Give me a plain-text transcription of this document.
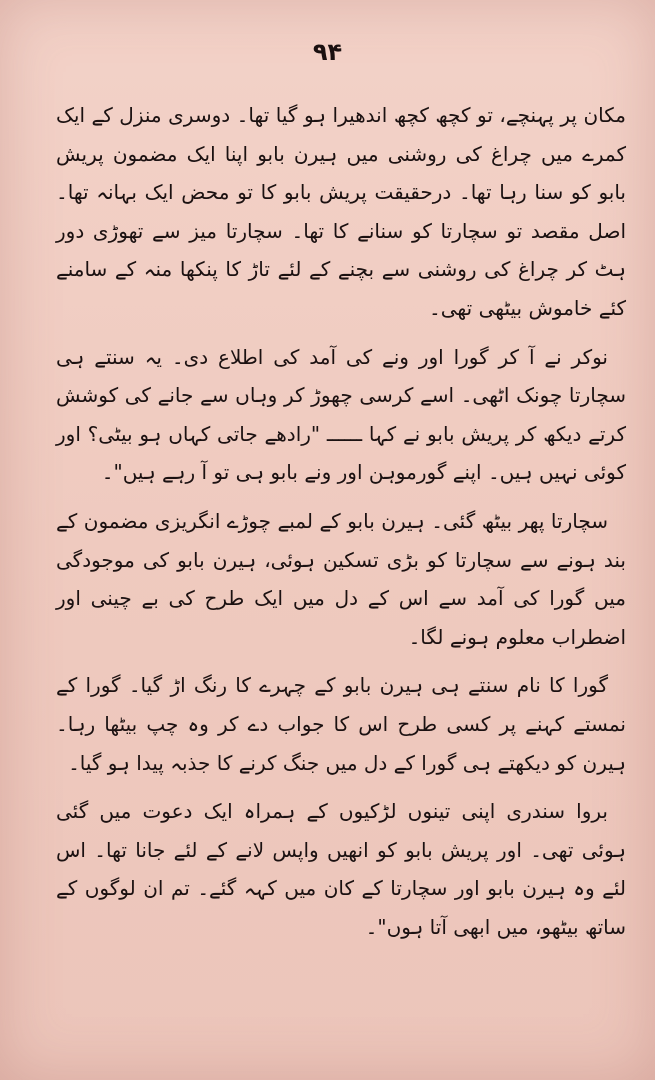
۹۴

مکان پر پہنچے، تو کچھ کچھ اندھیرا ہو گیا تھا۔ دوسری منزل کے ایک کمرے میں چراغ کی روشنی میں ہیرن بابو اپنا ایک مضمون پریش بابو کو سنا رہا تھا۔ درحقیقت پریش بابو کا تو محض ایک بہانہ تھا۔ اصل مقصد تو سچارتا کو سنانے کا تھا۔ سچارتا میز سے تھوڑی دور ہٹ کر چراغ کی روشنی سے بچنے کے لئے تاڑ کا پنکھا منہ کے سامنے کئے خاموش بیٹھی تھی۔

نوکر نے آ کر گورا اور ونے کی آمد کی اطلاع دی۔ یہ سنتے ہی سچارتا چونک اٹھی۔ اسے کرسی چھوڑ کر وہاں سے جانے کی کوشش کرتے دیکھ کر پریش بابو نے کہا ــــــ "رادھے جاتی کہاں ہو بیٹی؟ اور کوئی نہیں ہیں۔ اپنے گورموہن اور ونے بابو ہی تو آ رہے ہیں"۔

سچارتا پھر بیٹھ گئی۔ ہیرن بابو کے لمبے چوڑے انگریزی مضمون کے بند ہونے سے سچارتا کو بڑی تسکین ہوئی، ہیرن بابو کی موجودگی میں گورا کی آمد سے اس کے دل میں ایک طرح کی بے چینی اور اضطراب معلوم ہونے لگا۔

گورا کا نام سنتے ہی ہیرن بابو کے چہرے کا رنگ اڑ گیا۔ گورا کے نمستے کہنے پر کسی طرح اس کا جواب دے کر وہ چپ بیٹھا رہا۔ ہیرن کو دیکھتے ہی گورا کے دل میں جنگ کرنے کا جذبہ پیدا ہو گیا۔

بروا سندری اپنی تینوں لڑکیوں کے ہمراہ ایک دعوت میں گئی ہوئی تھی۔ اور پریش بابو کو انھیں واپس لانے کے لئے جانا تھا۔ اس لئے وہ ہیرن بابو اور سچارتا کے کان میں کہہ گئے۔ تم ان لوگوں کے ساتھ بیٹھو، میں ابھی آتا ہوں"۔
